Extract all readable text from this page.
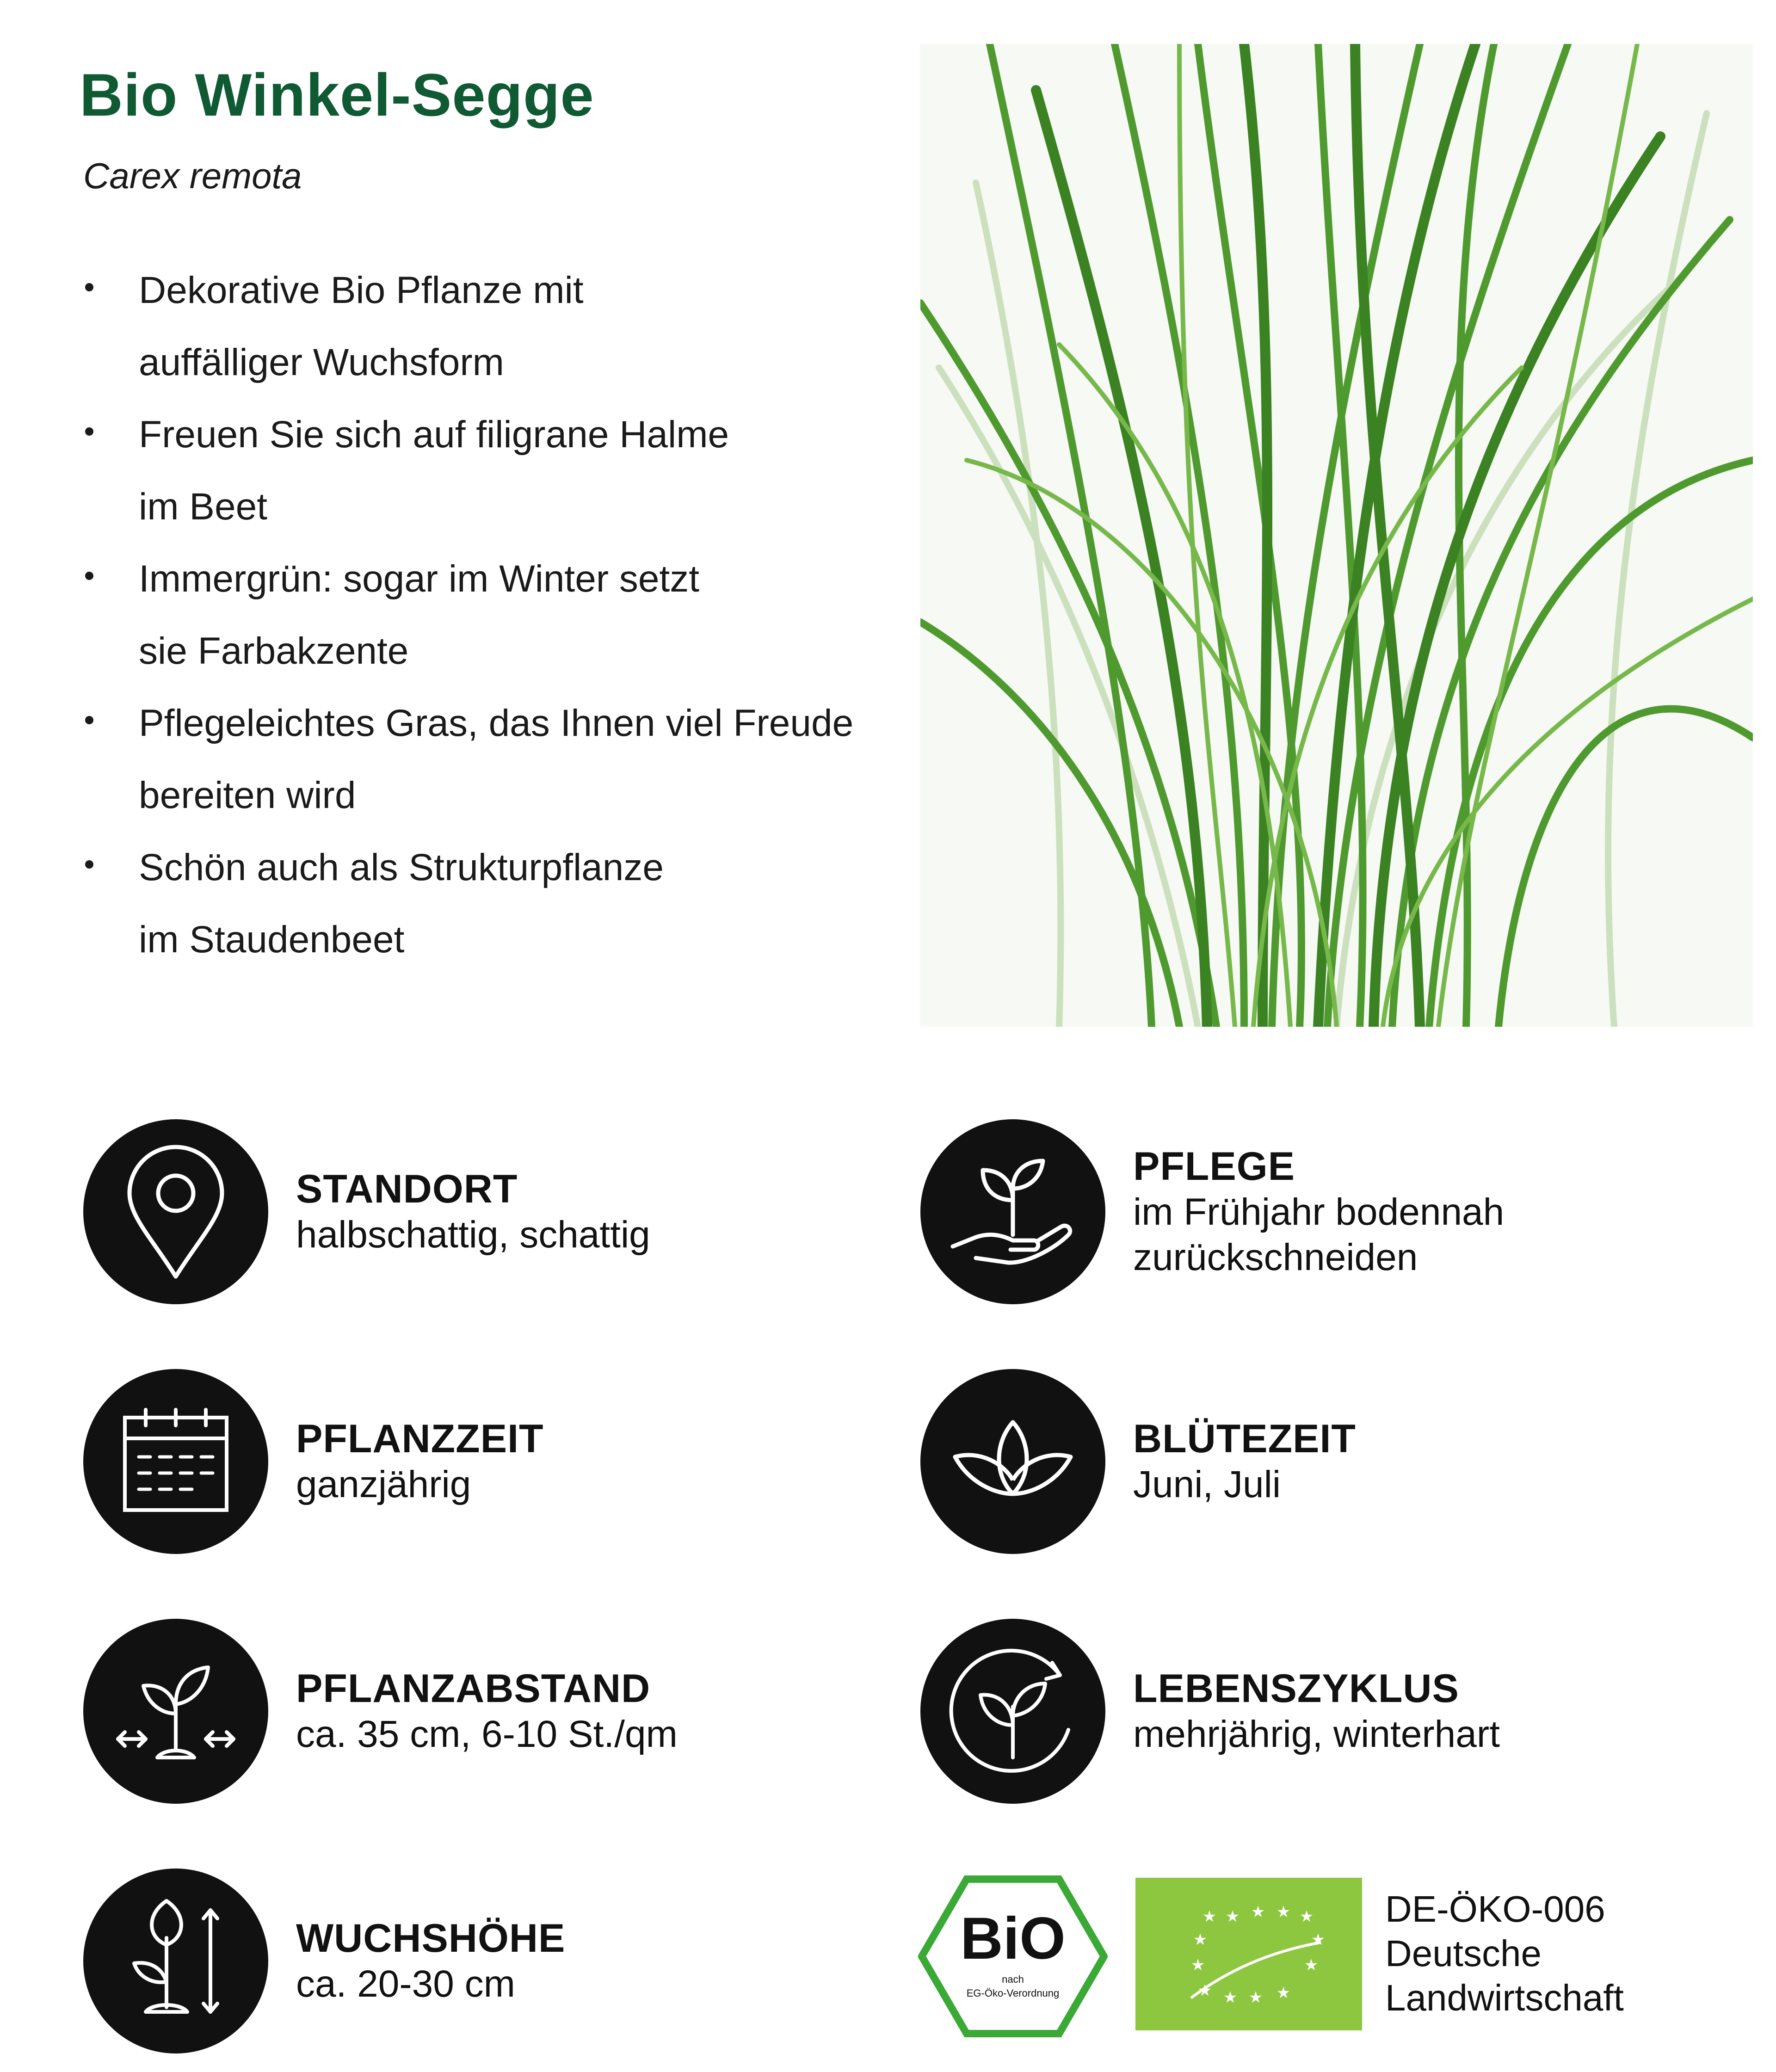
Bio Winkel-Segge
Carex remota
Dekorative Bio Pflanze mit
auffälliger Wuchsform
Freuen Sie sich auf filigrane Halme
im Beet
Immergrün: sogar im Winter setzt
sie Farbakzente
Pflegeleichtes Gras, das Ihnen viel Freude
bereiten wird
Schön auch als Strukturpflanze
im Staudenbeet
STANDORT
halbschattig, schattig
PFLEGE
im Frühjahr bodennah
zurückschneiden
PFLANZZEIT
ganzjährig
BLÜTEZEIT
Juni, Juli
PFLANZABSTAND
ca. 35 cm, 6-10 St./qm
LEBENSZYKLUS
mehrjährig, winterhart
WUCHSHÖHE
ca. 20-30 cm
BiO
nach
EG-Öko-Verordnung
★ ★ ★ ★ ★
★	★
★	★
★ ★ ★ ★
DE-ÖKO-006
Deutsche
Landwirtschaft
